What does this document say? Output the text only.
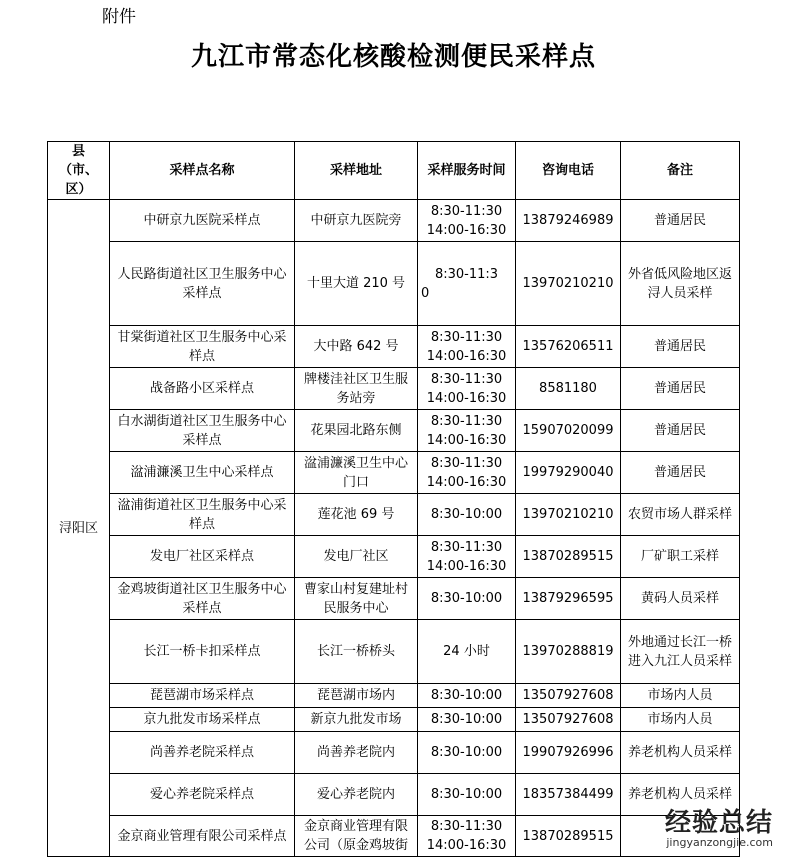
附件
九江市常态化核酸检测便民采样点
县
（市、区）	采样点名称	采样地址	采样服务时间	咨询电话	备注
浔阳区	中研京九医院采样点	中研京九医院旁	8:30-11:30
14:00-16:30	13879246989	普通居民
	人民路街道社区卫生服务中心采样点	十里大道 210 号	8:30-11:3
0	13970210210	外省低风险地区返浔人员采样
	甘棠街道社区卫生服务中心采样点	大中路 642 号	8:30-11:30
14:00-16:30	13576206511	普通居民
	战备路小区采样点	牌楼洼社区卫生服务站旁	8:30-11:30
14:00-16:30	8581180	普通居民
	白水湖街道社区卫生服务中心采样点	花果园北路东侧	8:30-11:30
14:00-16:30	15907020099	普通居民
	湓浦濂溪卫生中心采样点	湓浦濂溪卫生中心门口	8:30-11:30
14:00-16:30	19979290040	普通居民
	湓浦街道社区卫生服务中心采样点	莲花池 69 号	8:30-10:00	13970210210	农贸市场人群采样
	发电厂社区采样点	发电厂社区	8:30-11:30
14:00-16:30	13870289515	厂矿职工采样
	金鸡坡街道社区卫生服务中心采样点	曹家山村复建址村民服务中心	8:30-10:00	13879296595	黄码人员采样
	长江一桥卡扣采样点	长江一桥桥头	24 小时	13970288819	外地通过长江一桥进入九江人员采样
	琵琶湖市场采样点	琵琶湖市场内	8:30-10:00	13507927608	市场内人员
	京九批发市场采样点	新京九批发市场	8:30-10:00	13507927608	市场内人员
	尚善养老院采样点	尚善养老院内	8:30-10:00	19907926996	养老机构人员采样
	爱心养老院采样点	爱心养老院内	8:30-10:00	18357384499	养老机构人员采样
	金京商业管理有限公司采样点	金京商业管理有限公司（原金鸡坡街	8:30-11:30
14:00-16:30	13870289515	经验总结
jingyanzongjie.com
